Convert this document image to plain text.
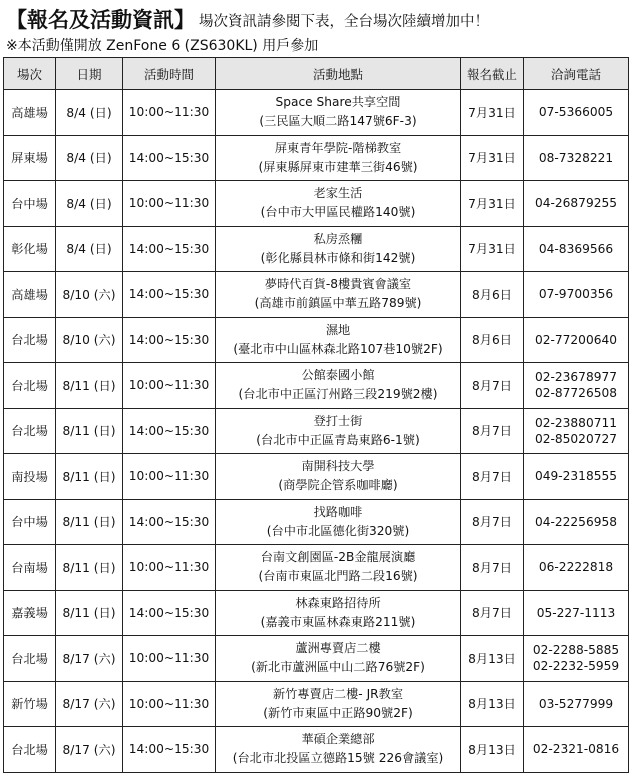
【報名及活動資訊】 場次資訊請參閱下表，全台場次陸續增加中！
※本活動僅開放 ZenFone 6 (ZS630KL) 用戶參加
場次	日期	活動時間	活動地點	報名截止	洽詢電話
高雄場	8/4 (日)	10:00~11:30	Space Share共享空間
(三民區大順二路147號6F-3)	7月31日	07-5366005

屏東場	8/4 (日)	14:00~15:30	屏東青年學院-階梯教室
(屏東縣屏東市建華三街46號)	7月31日	08-7328221

台中場	8/4 (日)	10:00~11:30	老家生活
(台中市大甲區民權路140號)	7月31日	04-26879255

彰化場	8/4 (日)	14:00~15:30	私房烝糰
(彰化縣員林市條和街142號)	7月31日	04-8369566

高雄場	8/10 (六)	14:00~15:30	夢時代百貨-8樓貴賓會議室
(高雄市前鎮區中華五路789號)	8月6日	07-9700356

台北場	8/10 (六)	14:00~15:30	濕地
(臺北市中山區林森北路107巷10號2F)	8月6日	02-77200640

台北場	8/11 (日)	10:00~11:30	公館泰國小館
(台北市中正區汀州路三段219號2樓)	8月7日	02-23678977
02-87726508

台北場	8/11 (日)	14:00~15:30	登打士街
(台北市中正區青島東路6-1號)	8月7日	02-23880711
02-85020727

南投場	8/11 (日)	10:00~11:30	南開科技大學
(商學院企管系咖啡廳)	8月7日	049-2318555

台中場	8/11 (日)	14:00~15:30	找路咖啡
(台中市北區德化街320號)	8月7日	04-22256958

台南場	8/11 (日)	10:00~11:30	台南文創園區-2B金龍展演廳
(台南市東區北門路二段16號)	8月7日	06-2222818

嘉義場	8/11 (日)	14:00~15:30	林森東路招待所
(嘉義市東區林森東路211號)	8月7日	05-227-1113

台北場	8/17 (六)	10:00~11:30	蘆洲專賣店二樓
(新北市蘆洲區中山二路76號2F)	8月13日	02-2288-5885
02-2232-5959

新竹場	8/17 (六)	10:00~11:30	新竹專賣店二樓- JR教室
(新竹市東區中正路90號2F)	8月13日	03-5277999

台北場	8/17 (六)	14:00~15:30	華碩企業總部
(台北市北投區立德路15號 226會議室)	8月13日	02-2321-0816
